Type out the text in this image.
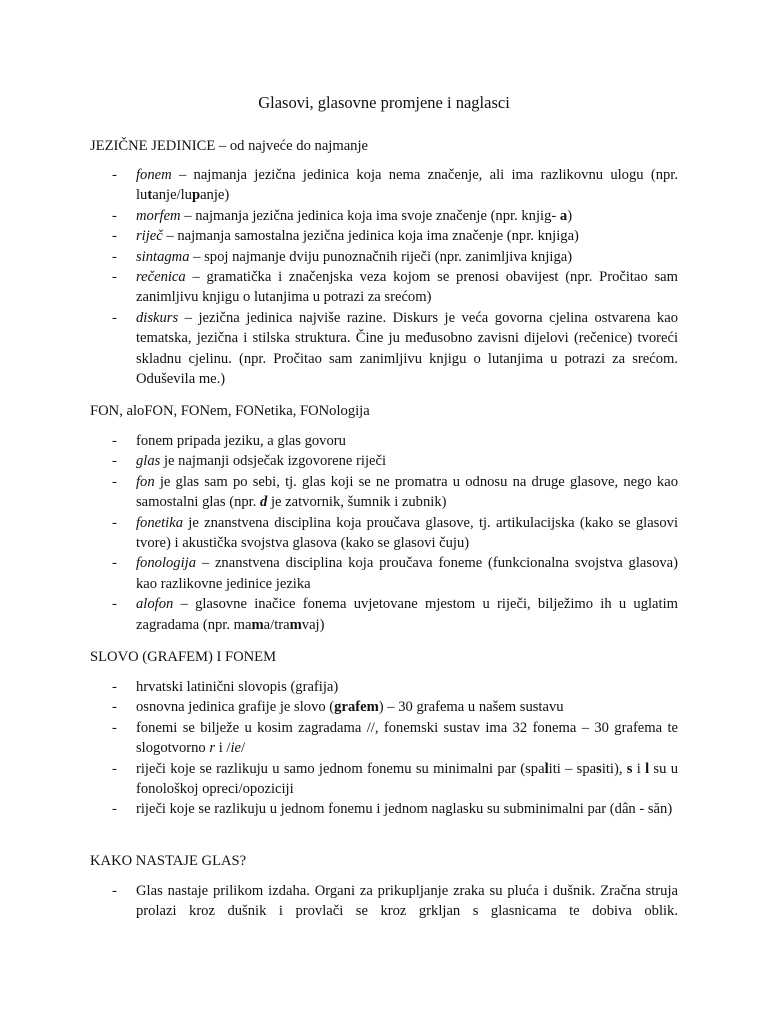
Glasovi, glasovne promjene i naglasci
JEZIČNE JEDINICE – od najveće do najmanje
- fonem – najmanja jezična jedinica koja nema značenje, ali ima razlikovnu ulogu (npr. lutanje/lupanje)
- morfem – najmanja jezična jedinica koja ima svoje značenje (npr. knjig- a)
- riječ – najmanja samostalna jezična jedinica koja ima značenje (npr. knjiga)
- sintagma – spoj najmanje dviju punoznačnih riječi (npr. zanimljiva knjiga)
- rečenica – gramatička i značenjska veza kojom se prenosi obavijest (npr. Pročitao sam zanimljivu knjigu o lutanjima u potrazi za srećom)
- diskurs – jezična jedinica najviše razine. Diskurs je veća govorna cjelina ostvarena kao tematska, jezična i stilska struktura. Čine ju međusobno zavisni dijelovi (rečenice) tvoreći skladnu cjelinu. (npr. Pročitao sam zanimljivu knjigu o lutanjima u potrazi za srećom. Oduševila me.)
FON, aloFON, FONem, FONetika, FONologija
- fonem pripada jeziku, a glas govoru
- glas je najmanji odsječak izgovorene riječi
- fon je glas sam po sebi, tj. glas koji se ne promatra u odnosu na druge glasove, nego kao samostalni glas (npr. d je zatvornik, šumnik i zubnik)
- fonetika je znanstvena disciplina koja proučava glasove, tj. artikulacijska (kako se glasovi tvore) i akustička svojstva glasova (kako se glasovi čuju)
- fonologija – znanstvena disciplina koja proučava foneme (funkcionalna svojstva glasova) kao razlikovne jedinice jezika
- alofon – glasovne inačice fonema uvjetovane mjestom u riječi, bilježimo ih u uglatim zagradama (npr. mama/tramvaj)
SLOVO (GRAFEM) I FONEM
- hrvatski latinični slovopis (grafija)
- osnovna jedinica grafije je slovo (grafem) – 30 grafema u našem sustavu
- fonemi se bilježe u kosim zagradama //, fonemski sustav ima 32 fonema – 30 grafema te slogotvorno r i /ie/
- riječi koje se razlikuju u samo jednom fonemu su minimalni par (spaliti – spasiti), s i l su u fonološkoj opreci/opoziciji
- riječi koje se razlikuju u jednom fonemu i jednom naglasku su subminimalni par (dân - săn)
KAKO NASTAJE GLAS?
- Glas nastaje prilikom izdaha. Organi za prikupljanje zraka su pluća i dušnik. Zračna struja prolazi kroz dušnik i provlači se kroz grkljan s glasnicama te dobiva oblik.
